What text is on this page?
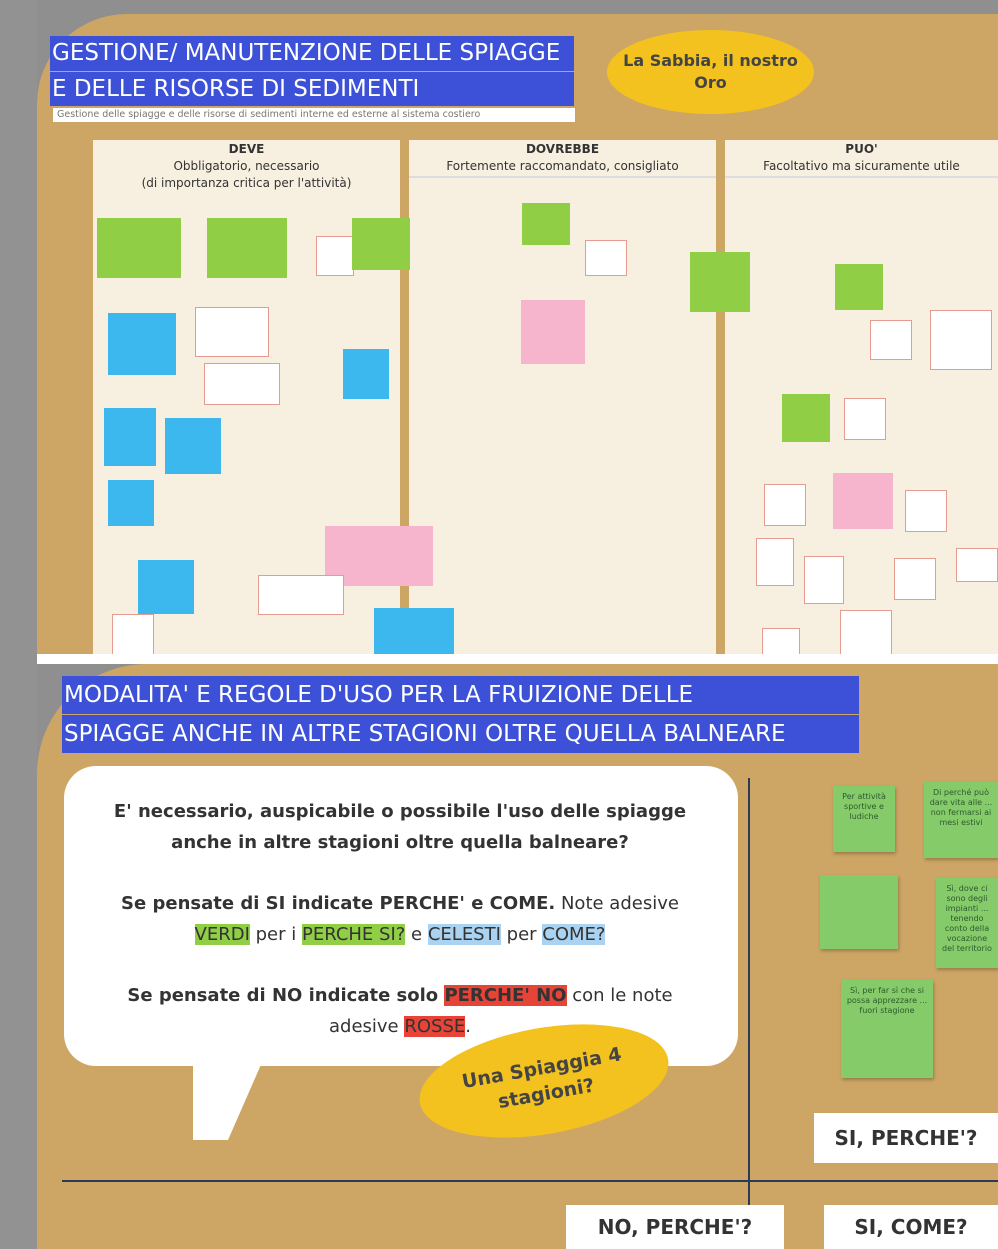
DEVE
Obbligatorio, necessario
(di importanza critica per l'attività)
DOVREBBE
Fortemente raccomandato, consigliato
PUO'
Facoltativo ma sicuramente utile
GESTIONE/ MANUTENZIONE DELLE SPIAGGE
E DELLE RISORSE DI SEDIMENTI
Gestione delle spiagge e delle risorse di sedimenti interne ed esterne al sistema costiero
La Sabbia, il nostro Oro
MODALITA' E REGOLE D'USO PER LA FRUIZIONE DELLE
SPIAGGE ANCHE IN ALTRE STAGIONI OLTRE QUELLA BALNEARE
E' necessario, auspicabile o possibile l'uso delle spiagge
anche in altre stagioni oltre quella balneare?
Se pensate di SI indicate PERCHE' e COME. Note adesive
VERDI per i PERCHE SI? e CELESTI per COME?
Se pensate di NO indicate solo PERCHE' NO con le note
adesive ROSSE.
Una Spiaggia 4 stagioni?
Per attività sportive e ludiche
Di perché può dare vita alle ... non fermarsi ai mesi estivi
Sì, dove ci sono degli impianti ... tenendo conto della vocazione del territorio
Sì, per far sì che si possa apprezzare ... fuori stagione
SI, PERCHE'?
NO, PERCHE'?	SI, COME?
